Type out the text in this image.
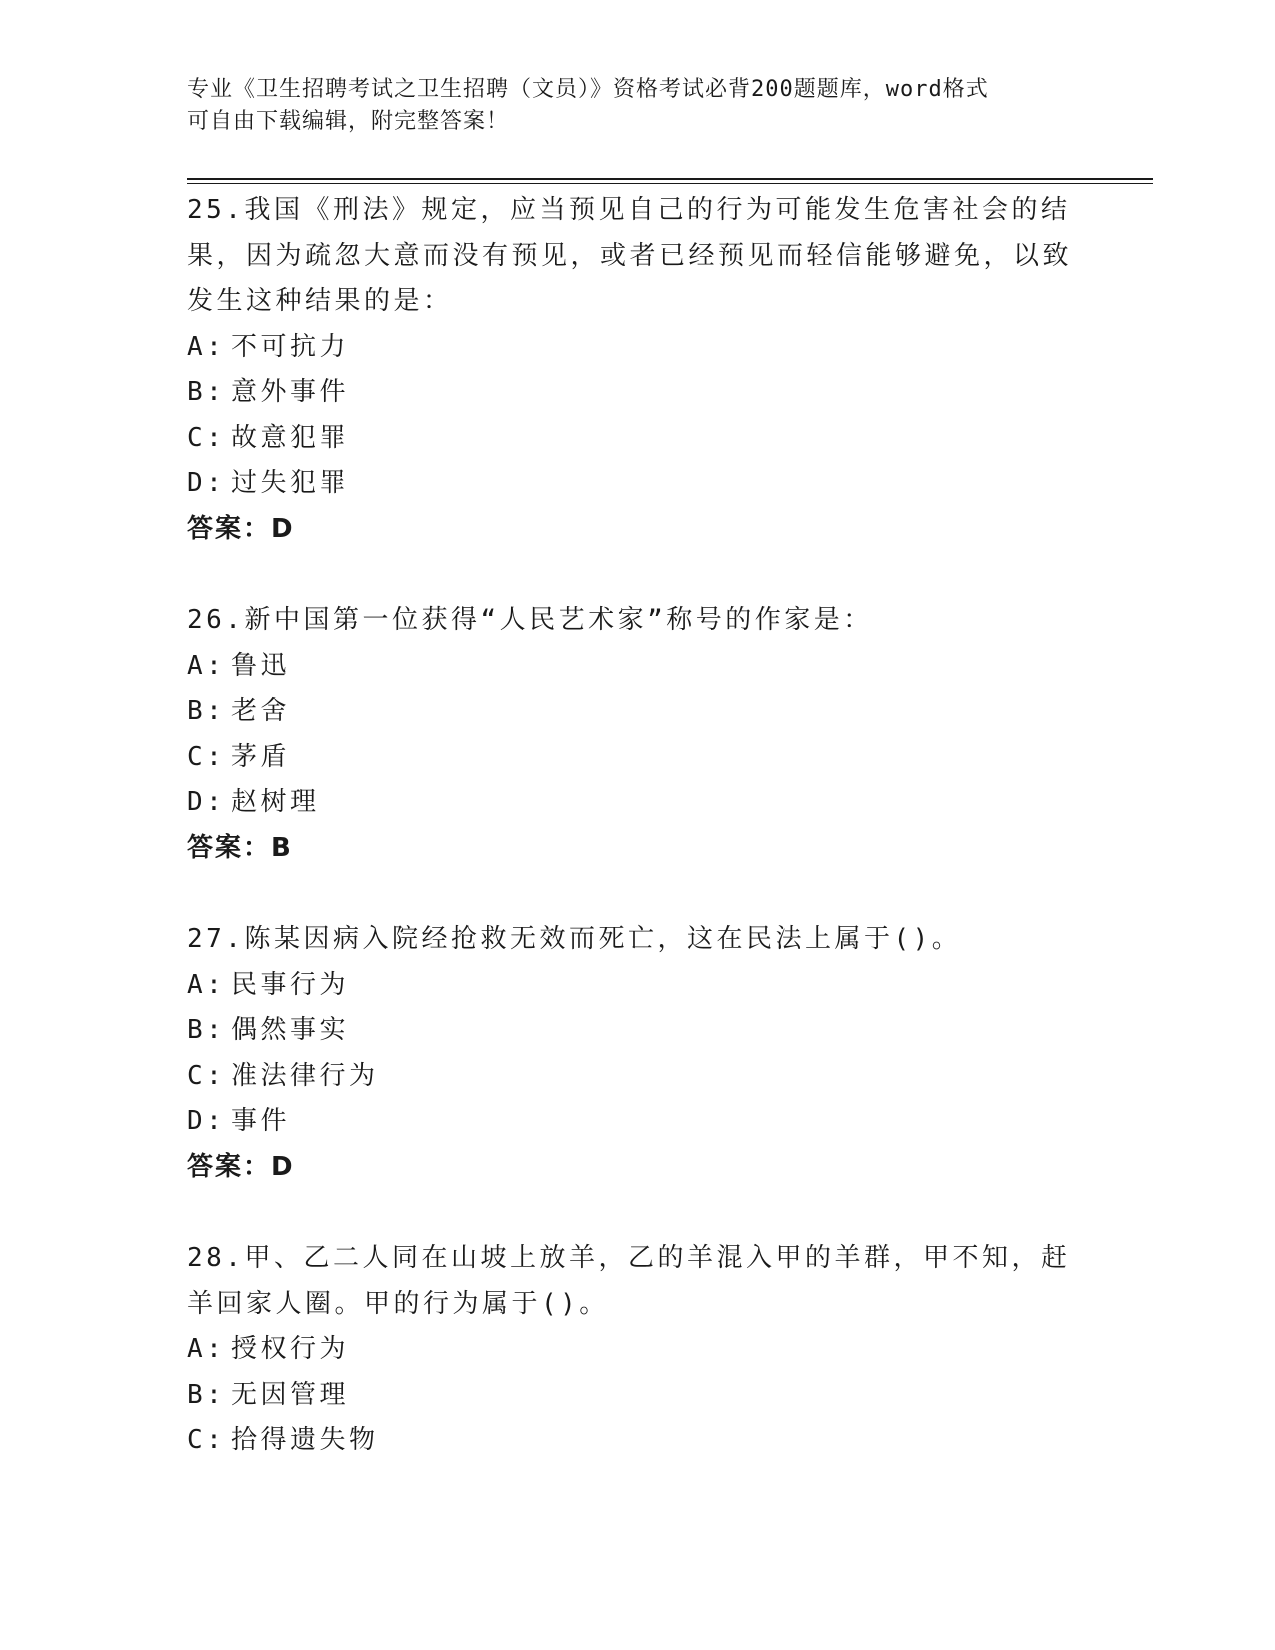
专业《卫生招聘考试之卫生招聘（文员）》资格考试必背200题题库，word格式
可自由下载编辑，附完整答案！

25.我国《刑法》规定，应当预见自己的行为可能发生危害社会的结果，因为疏忽大意而没有预见，或者已经预见而轻信能够避免，以致发生这种结果的是：

A: 不可抗力
B: 意外事件
C: 故意犯罪
D: 过失犯罪
答案：D

26.新中国第一位获得“人民艺术家”称号的作家是：

A: 鲁迅
B: 老舍
C: 茅盾
D: 赵树理
答案：B

27.陈某因病入院经抢救无效而死亡，这在民法上属于()。

A: 民事行为
B: 偶然事实
C: 准法律行为
D: 事件
答案：D

28.甲、乙二人同在山坡上放羊，乙的羊混入甲的羊群，甲不知，赶羊回家人圈。甲的行为属于()。

A: 授权行为
B: 无因管理
C: 拾得遗失物
